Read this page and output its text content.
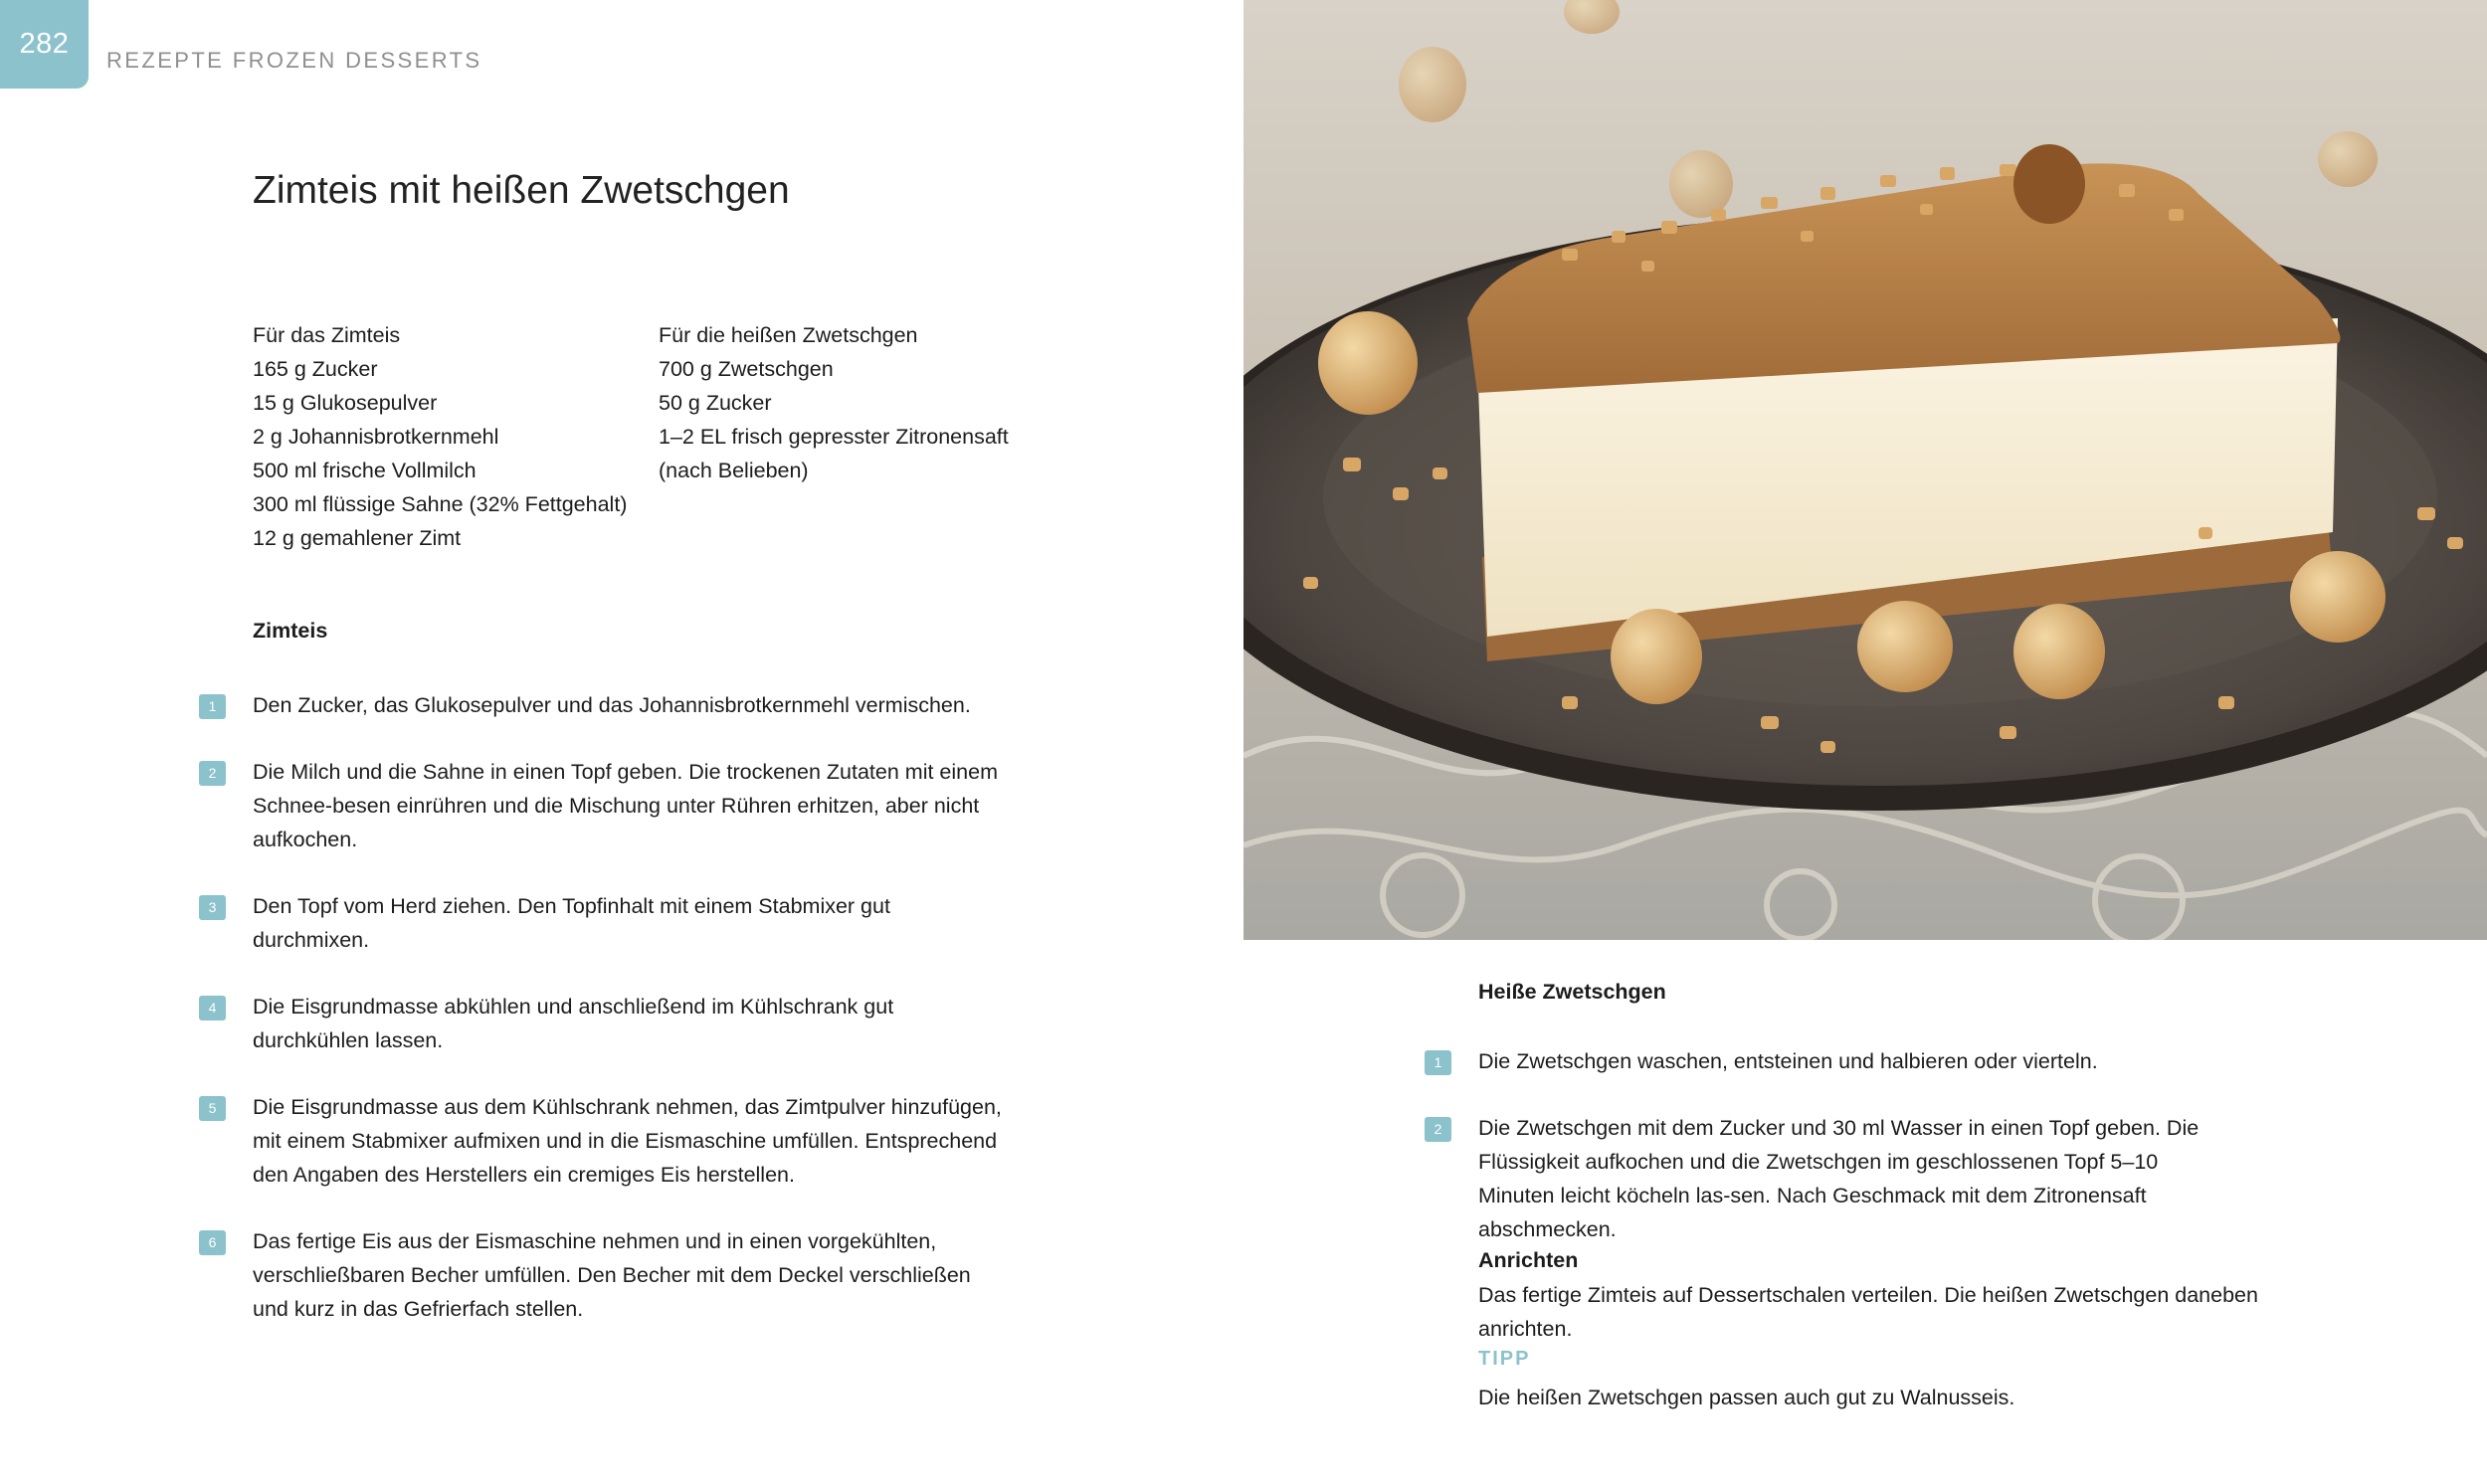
282
REZEPTE FROZEN DESSERTS
Zimteis mit heißen Zwetschgen
Für das Zimteis
165 g Zucker
15 g Glukosepulver
2 g Johannisbrotkernmehl
500 ml frische Vollmilch
300 ml flüssige Sahne (32% Fettgehalt)
12 g gemahlener Zimt
Für die heißen Zwetschgen
700 g Zwetschgen
50 g Zucker
1–2 EL frisch gepresster Zitronensaft
(nach Belieben)
Zimteis
1	Den Zucker, das Glukosepulver und das Johannisbrotkernmehl vermischen.
2	Die Milch und die Sahne in einen Topf geben. Die trockenen Zutaten mit einem Schnee-besen einrühren und die Mischung unter Rühren erhitzen, aber nicht aufkochen.
3	Den Topf vom Herd ziehen. Den Topfinhalt mit einem Stabmixer gut durchmixen.
4	Die Eisgrundmasse abkühlen und anschließend im Kühlschrank gut durchkühlen lassen.
5	Die Eisgrundmasse aus dem Kühlschrank nehmen, das Zimtpulver hinzufügen, mit einem Stabmixer aufmixen und in die Eismaschine umfüllen. Entsprechend den Angaben des Herstellers ein cremiges Eis herstellen.
6	Das fertige Eis aus der Eismaschine nehmen und in einen vorgekühlten, verschließbaren Becher umfüllen. Den Becher mit dem Deckel verschließen und kurz in das Gefrierfach stellen.
Heiße Zwetschgen
1	Die Zwetschgen waschen, entsteinen und halbieren oder vierteln.
2	Die Zwetschgen mit dem Zucker und 30 ml Wasser in einen Topf geben. Die Flüssigkeit aufkochen und die Zwetschgen im geschlossenen Topf 5–10 Minuten leicht köcheln las-sen. Nach Geschmack mit dem Zitronensaft abschmecken.
Anrichten
Das fertige Zimteis auf Dessertschalen verteilen. Die heißen Zwetschgen daneben anrichten.
TIPP
Die heißen Zwetschgen passen auch gut zu Walnusseis.
